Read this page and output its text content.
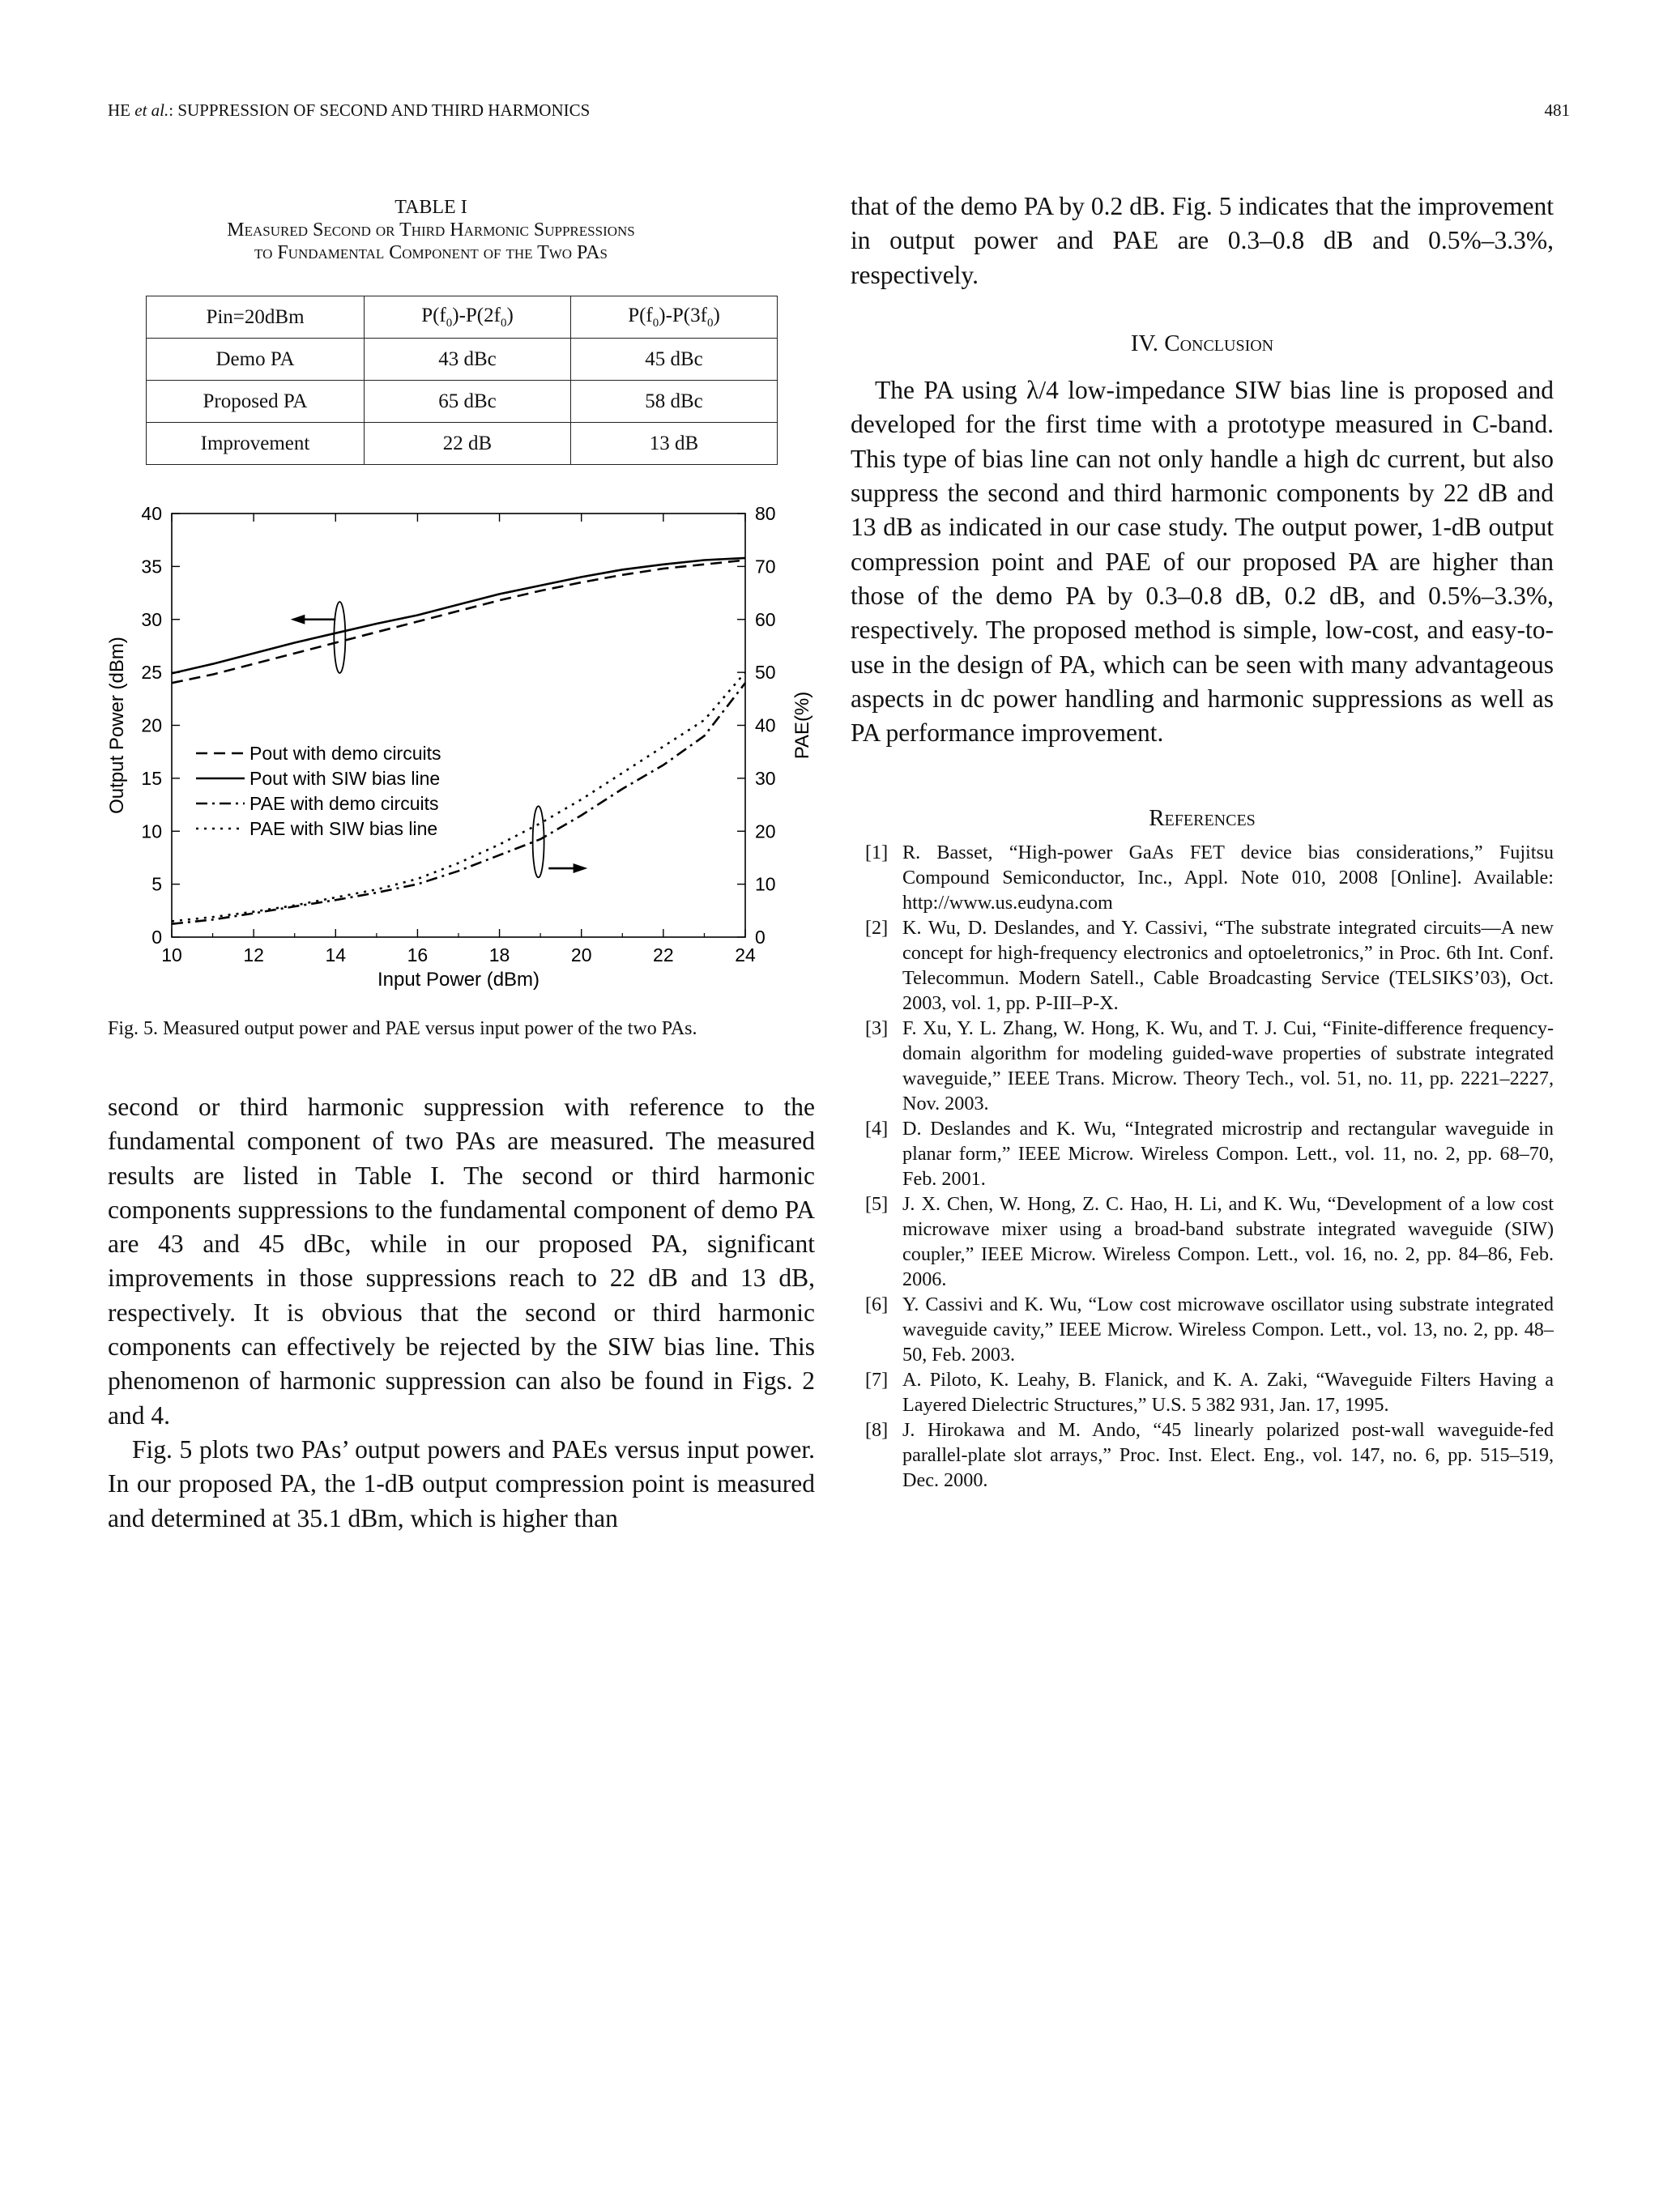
HE et al.: SUPPRESSION OF SECOND AND THIRD HARMONICS	481
TABLE I
Measured Second or Third Harmonic Suppressions
to Fundamental Component of the Two PAs
Pin=20dBm	$P(f_0)-P(2f_0)$	$P(f_0)-P(3f_0)$
Demo PA	43 dBc	45 dBc
Proposed PA	65 dBc	58 dBc
Improvement	22 dB	13 dB
10	12	14	16	18	20	22	24
0
5
10
15
20
25
30
35
40
0
10
20
30
40
50
60
70
80
Input Power (dBm)
Output Power (dBm)	PAE(%)
Pout with demo circuits
Pout with SIW bias line
PAE with demo circuits
PAE with SIW bias line
Fig. 5. Measured output power and PAE versus input power of the two PAs.

second or third harmonic suppression with reference to the fundamental component of two PAs are measured. The measured results are listed in Table I. The second or third harmonic components suppressions to the fundamental component of demo PA are 43 and 45 dBc, while in our proposed PA, significant improvements in those suppressions reach to 22 dB and 13 dB, respectively. It is obvious that the second or third harmonic components can effectively be rejected by the SIW bias line. This phenomenon of harmonic suppression can also be found in Figs. 2 and 4.

Fig. 5 plots two PAs’ output powers and PAEs versus input power. In our proposed PA, the 1-dB output compression point is measured and determined at 35.1 dBm, which is higher than

that of the demo PA by 0.2 dB. Fig. 5 indicates that the improvement in output power and PAE are 0.3–0.8 dB and 0.5%–3.3%, respectively.

IV. Conclusion

The PA using λ/4 low-impedance SIW bias line is proposed and developed for the first time with a prototype measured in C-band. This type of bias line can not only handle a high dc current, but also suppress the second and third harmonic components by 22 dB and 13 dB as indicated in our case study. The output power, 1-dB output compression point and PAE of our proposed PA are higher than those of the demo PA by 0.3–0.8 dB, 0.2 dB, and 0.5%–3.3%, respectively. The proposed method is simple, low-cost, and easy-to-use in the design of PA, which can be seen with many advantageous aspects in dc power handling and harmonic suppressions as well as PA performance improvement.

References
[1] R. Basset, “High-power GaAs FET device bias considerations,” Fujitsu Compound Semiconductor, Inc., Appl. Note 010, 2008 [Online]. Available: http://www.us.eudyna.com
[2] K. Wu, D. Deslandes, and Y. Cassivi, “The substrate integrated circuits—A new concept for high-frequency electronics and optoeletronics,” in Proc. 6th Int. Conf. Telecommun. Modern Satell., Cable Broadcasting Service (TELSIKS’03), Oct. 2003, vol. 1, pp. P-III–P-X.
[3] F. Xu, Y. L. Zhang, W. Hong, K. Wu, and T. J. Cui, “Finite-difference frequency-domain algorithm for modeling guided-wave properties of substrate integrated waveguide,” IEEE Trans. Microw. Theory Tech., vol. 51, no. 11, pp. 2221–2227, Nov. 2003.
[4] D. Deslandes and K. Wu, “Integrated microstrip and rectangular waveguide in planar form,” IEEE Microw. Wireless Compon. Lett., vol. 11, no. 2, pp. 68–70, Feb. 2001.
[5] J. X. Chen, W. Hong, Z. C. Hao, H. Li, and K. Wu, “Development of a low cost microwave mixer using a broad-band substrate integrated waveguide (SIW) coupler,” IEEE Microw. Wireless Compon. Lett., vol. 16, no. 2, pp. 84–86, Feb. 2006.
[6] Y. Cassivi and K. Wu, “Low cost microwave oscillator using substrate integrated waveguide cavity,” IEEE Microw. Wireless Compon. Lett., vol. 13, no. 2, pp. 48–50, Feb. 2003.
[7] A. Piloto, K. Leahy, B. Flanick, and K. A. Zaki, “Waveguide Filters Having a Layered Dielectric Structures,” U.S. 5 382 931, Jan. 17, 1995.
[8] J. Hirokawa and M. Ando, “45 linearly polarized post-wall waveguide-fed parallel-plate slot arrays,” Proc. Inst. Elect. Eng., vol. 147, no. 6, pp. 515–519, Dec. 2000.
